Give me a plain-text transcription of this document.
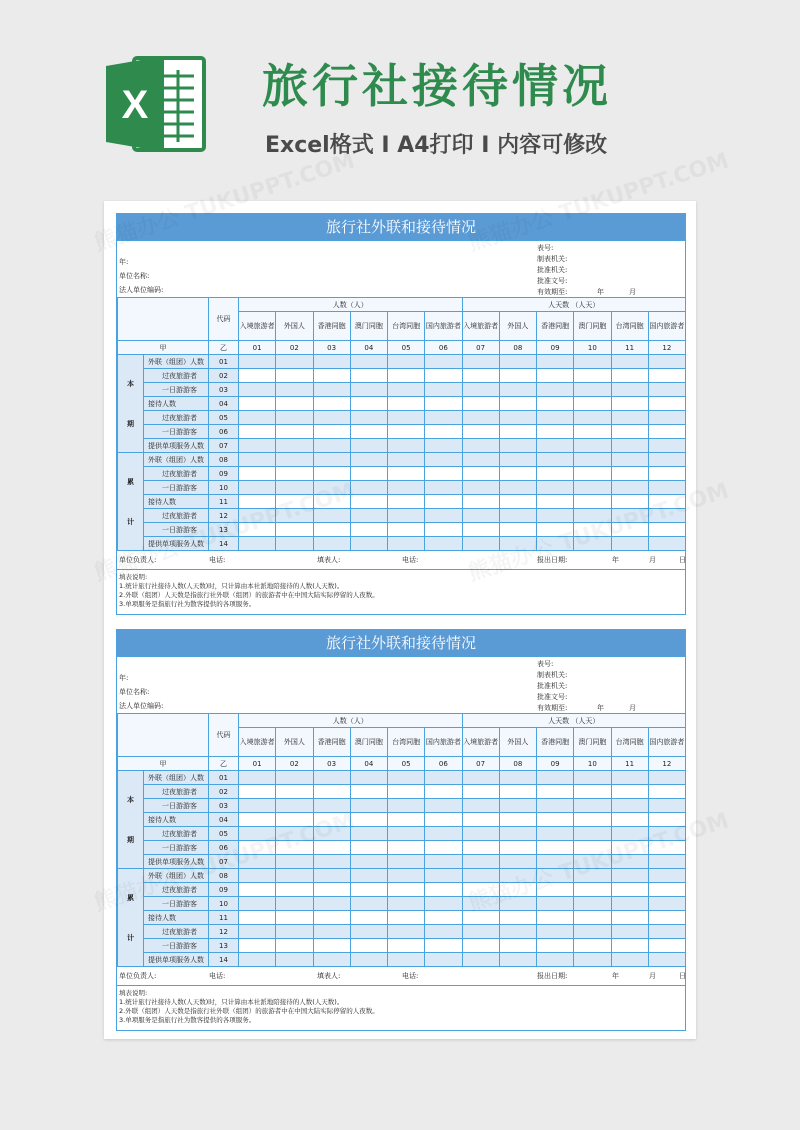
X 旅行社接待情况
Excel格式 I A4打印 I 内容可修改
旅行社外联和接待情况
年:
单位名称:
法人单位编码:
表号:
制表机关:
批准机关:
批准文号:
有效期至:	年	月
		代码	人数（人）						人天数 （人天）					
			入境旅游者	外国人	香港同胞	澳门同胞	台湾同胞	国内旅游者	入境旅游者	外国人	香港同胞	澳门同胞	台湾同胞	国内旅游者
甲		乙	01	02	03	04	05	06	07	08	09	10	11	12

本
期	外联（组团）人数	01												
	过夜旅游者	02												
	一日游游客	03												
	接待人数	04												
	过夜旅游者	05												
	一日游游客	06												
	提供单项服务人数	07												

累
计	外联（组团）人数	08												
	过夜旅游者	09												
	一日游游客	10												
	接待人数	11												
	过夜旅游者	12												
	一日游游客	13												
	提供单项服务人数	14												
单位负责人:	电话:	填表人:	电话:	报出日期:	年	月	日
填表说明:
1.统计旅行社接待人数(人天数)时，只计算由本社派地陪接待的人数(人天数)。
2.外联（组团）人天数是指旅行社外联（组团）的旅游者中在中国大陆实际停留的人夜数。
3.单项服务是指旅行社为散客提供的各项服务。
旅行社外联和接待情况
年:
单位名称:
法人单位编码:
表号:
制表机关:
批准机关:
批准文号:
有效期至:	年	月
		代码	人数（人）						人天数 （人天）					
			入境旅游者	外国人	香港同胞	澳门同胞	台湾同胞	国内旅游者	入境旅游者	外国人	香港同胞	澳门同胞	台湾同胞	国内旅游者
甲		乙	01	02	03	04	05	06	07	08	09	10	11	12

本
期	外联（组团）人数	01												
	过夜旅游者	02												
	一日游游客	03												
	接待人数	04												
	过夜旅游者	05												
	一日游游客	06												
	提供单项服务人数	07												

累
计	外联（组团）人数	08												
	过夜旅游者	09												
	一日游游客	10												
	接待人数	11												
	过夜旅游者	12												
	一日游游客	13												
	提供单项服务人数	14												
单位负责人:	电话:	填表人:	电话:	报出日期:	年	月	日
填表说明:
1.统计旅行社接待人数(人天数)时，只计算由本社派地陪接待的人数(人天数)。
2.外联（组团）人天数是指旅行社外联（组团）的旅游者中在中国大陆实际停留的人夜数。
3.单项服务是指旅行社为散客提供的各项服务。
